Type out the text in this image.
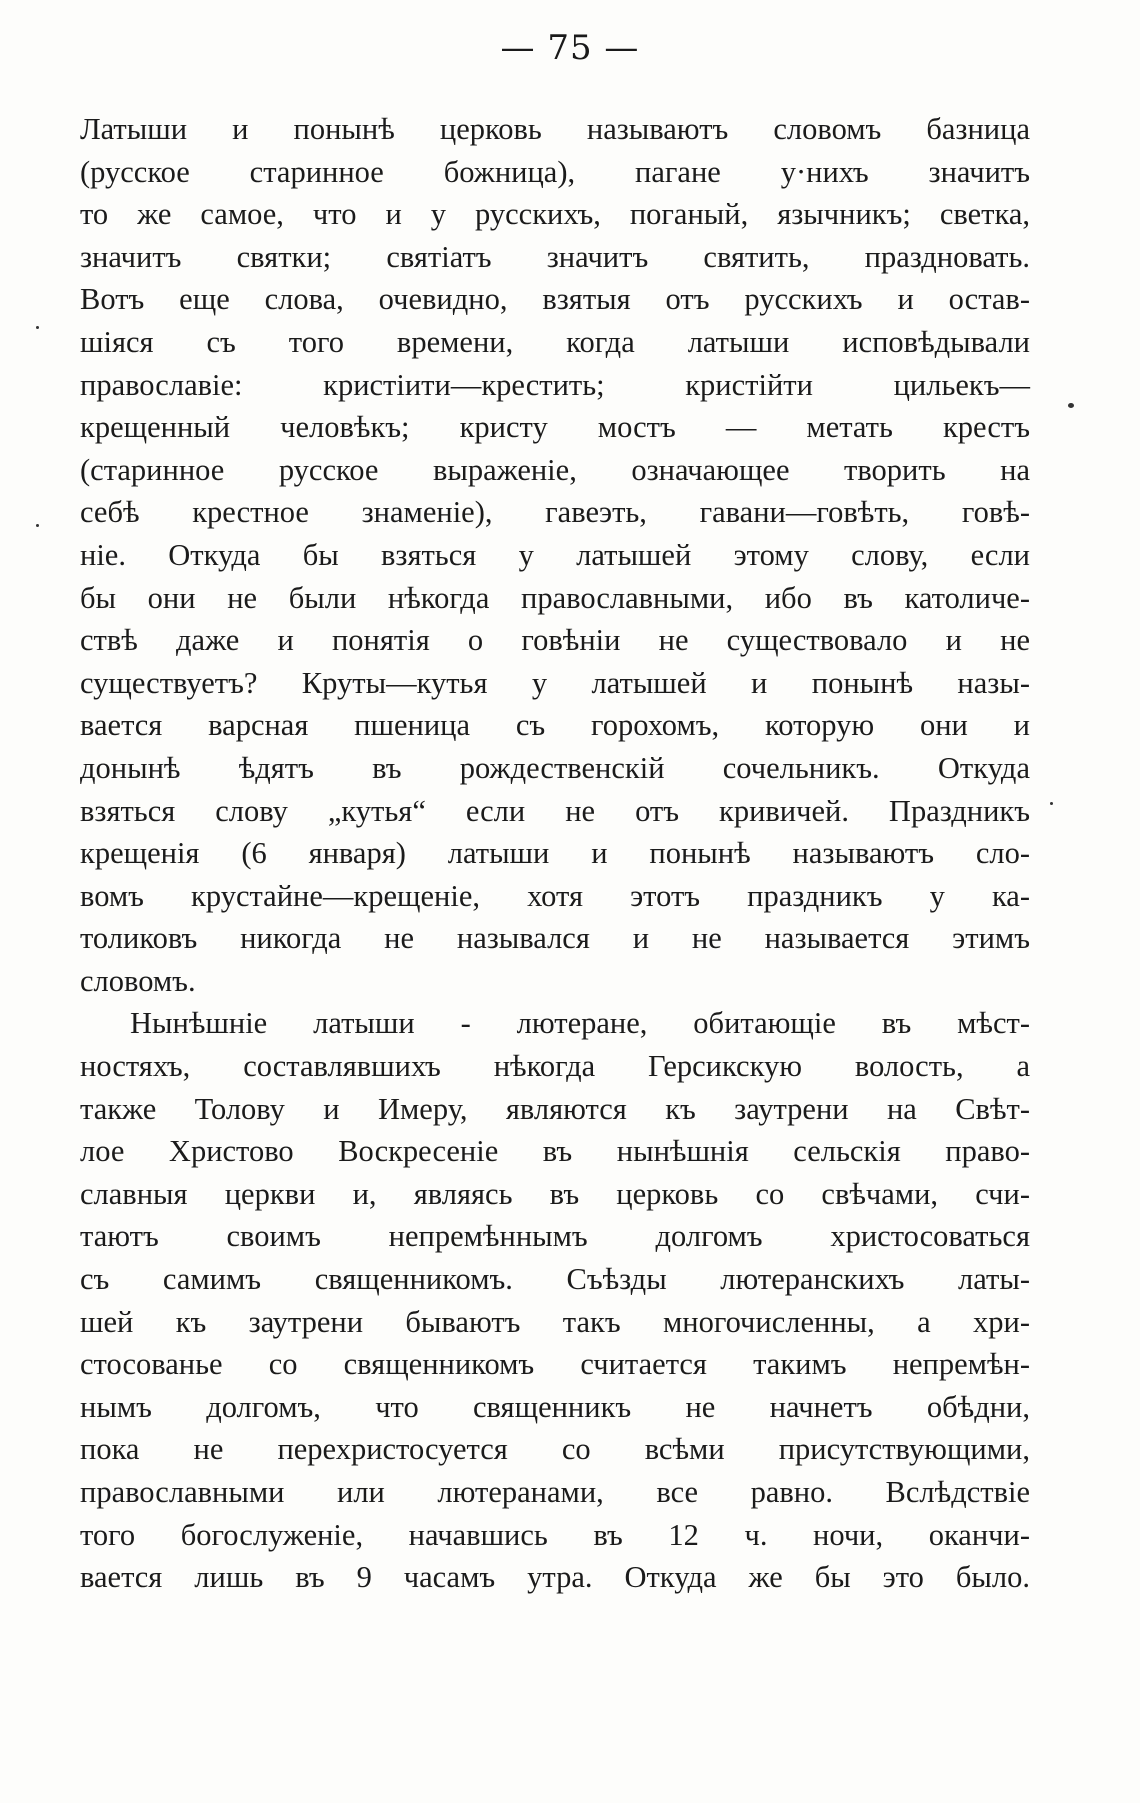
— 75 —
Латыши и понынѣ церковь называютъ словомъ базница
(русское старинное божница), пагане у·нихъ значитъ
то же самое, что и у русскихъ, поганый, язычникъ; светка,
значитъ святки; святіатъ значитъ святить, праздновать.
Вотъ еще слова, очевидно, взятыя отъ русскихъ и остав-
шіяся съ того времени, когда латыши исповѣдывали
православіе: кристіити—крестить; кристійти цильекъ—
крещенный человѣкъ; кристу мостъ — метать крестъ
(старинное русское выраженіе, означающее творить на
себѣ крестное знаменіе), гавеэть, гавани—говѣть, говѣ-
ніе. Откуда бы взяться у латышей этому слову, если
бы они не были нѣкогда православными, ибо въ католиче-
ствѣ даже и понятія о говѣніи не существовало и не
существуетъ? Круты—кутья у латышей и понынѣ назы-
вается варсная пшеница съ горохомъ, которую они и
донынѣ ѣдятъ въ рождественскій сочельникъ. Откуда
взяться слову „кутья“ если не отъ кривичей. Праздникъ
крещенія (6 января) латыши и понынѣ называютъ сло-
вомъ крустайне—крещеніе, хотя этотъ праздникъ у ка-
толиковъ никогда не назывался и не называется этимъ
словомъ.
Нынѣшніе латыши - лютеране, обитающіе въ мѣст-
ностяхъ, составлявшихъ нѣкогда Герсикскую волость, а
также Толову и Имеру, являются къ заутрени на Свѣт-
лое Христово Воскресеніе въ нынѣшнія сельскія право-
славныя церкви и, являясь въ церковь со свѣчами, счи-
таютъ своимъ непремѣннымъ долгомъ христосоваться
съ самимъ священникомъ. Съѣзды лютеранскихъ латы-
шей къ заутрени бываютъ такъ многочисленны, а хри-
стосованье со священникомъ считается такимъ непремѣн-
нымъ долгомъ, что священникъ не начнетъ обѣдни,
пока не перехристосуется со всѣми присутствующими,
православными или лютеранами, все равно. Вслѣдствіе
того богослуженіе, начавшись въ 12 ч. ночи, оканчи-
вается лишь въ 9 часамъ утра. Откуда же бы это было.
